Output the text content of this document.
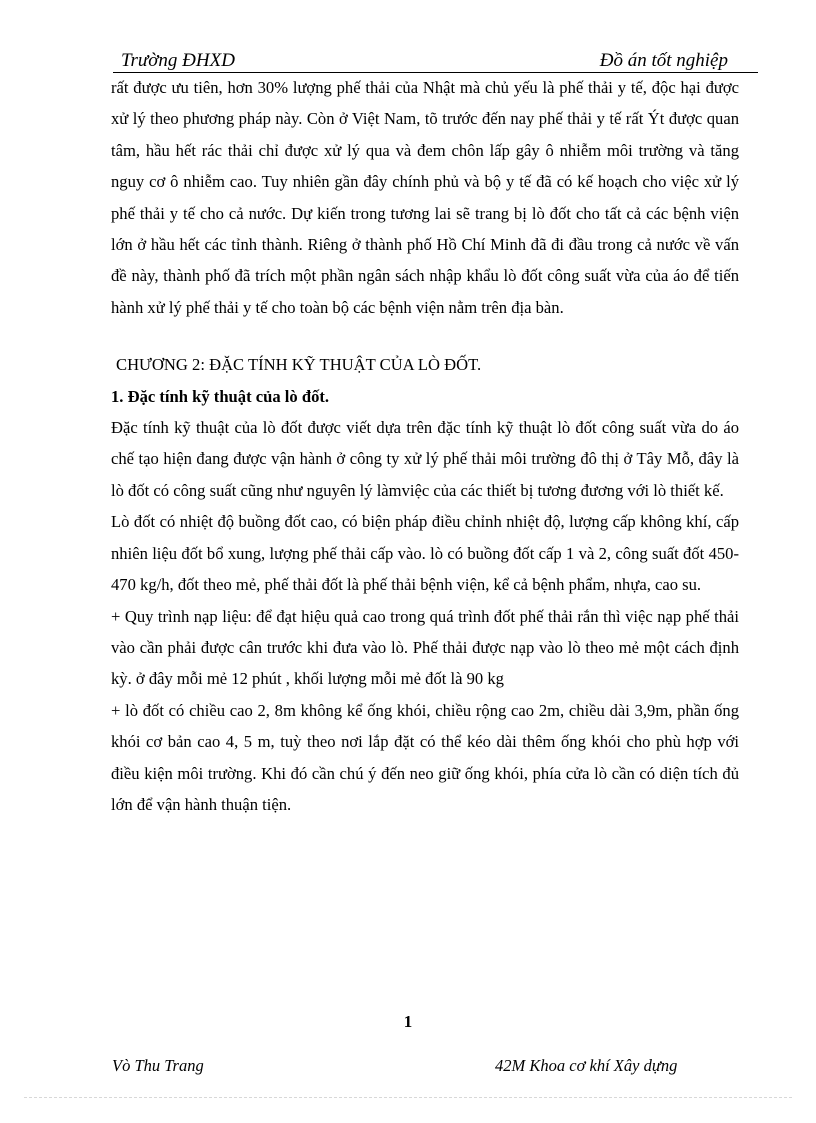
Trường ĐHXD	Đồ án tốt nghiệp

rất được ưu tiên, hơn 30% lượng phế thải của Nhật mà chủ yếu là phế thải y tế, độc hại được xử lý theo phương pháp này. Còn ở Việt Nam, tõ trước đến nay phế thải y tế rất Ýt được quan tâm, hầu hết rác thải chỉ được xử lý qua và đem chôn lấp gây ô nhiễm môi trường và tăng nguy cơ ô nhiễm cao. Tuy nhiên gần đây chính phủ và bộ y tế đã có kế hoạch cho việc xử lý phế thải y tế cho cả nước. Dự kiến trong tương lai sẽ trang bị lò đốt cho tất cả các bệnh viện lớn ở hầu hết các tỉnh thành. Riêng ở thành phố Hồ Chí Minh đã đi đầu trong cả nước về vấn đề này, thành phố đã trích một phần ngân sách nhập khẩu lò đốt công suất vừa của áo để tiến hành xử lý phế thải y tế cho toàn bộ các bệnh viện nằm trên địa bàn.

CHƯƠNG 2: ĐẶC TÍNH KỸ THUẬT CỦA LÒ ĐỐT.

1. Đặc tính kỹ thuật của lò đốt.

Đặc tính kỹ thuật của lò đốt được viết dựa trên đặc tính kỹ thuật lò đốt công suất vừa do áo chế tạo hiện đang được vận hành ở công ty xử lý phế thải môi trường đô thị ở Tây Mỗ, đây là lò đốt có công suất cũng như nguyên lý làmviệc của các thiết bị tương đương với lò thiết kế.

Lò đốt có nhiệt độ buồng đốt cao, có biện pháp điều chỉnh nhiệt độ, lượng cấp không khí, cấp nhiên liệu đốt bổ xung, lượng phế thải cấp vào. lò có buồng đốt cấp 1 và 2, công suất đốt 450- 470 kg/h, đốt theo mẻ, phế thải đốt là phế thải bệnh viện, kể cả bệnh phẩm, nhựa, cao su.

+ Quy trình nạp liệu: để đạt hiệu quả cao trong quá trình đốt phế thải rắn thì việc nạp phế thải vào cần phải được cân trước khi đưa vào lò. Phế thải được nạp vào lò theo mẻ một cách định kỳ. ở đây mỗi mẻ 12 phút , khối lượng mỗi mẻ đốt là 90 kg

+ lò đốt có chiều cao 2, 8m không kể ống khói, chiều rộng cao 2m, chiều dài 3,9m, phần ống khói cơ bản cao 4, 5 m, tuỳ theo nơi lắp đặt có thể kéo dài thêm ống khói cho phù hợp với điều kiện môi trường. Khi đó cần chú ý đến neo giữ ống khói, phía cửa lò cần có diện tích đủ lớn để vận hành thuận tiện.

1
Vò Thu Trang	42M Khoa cơ khí Xây dựng
